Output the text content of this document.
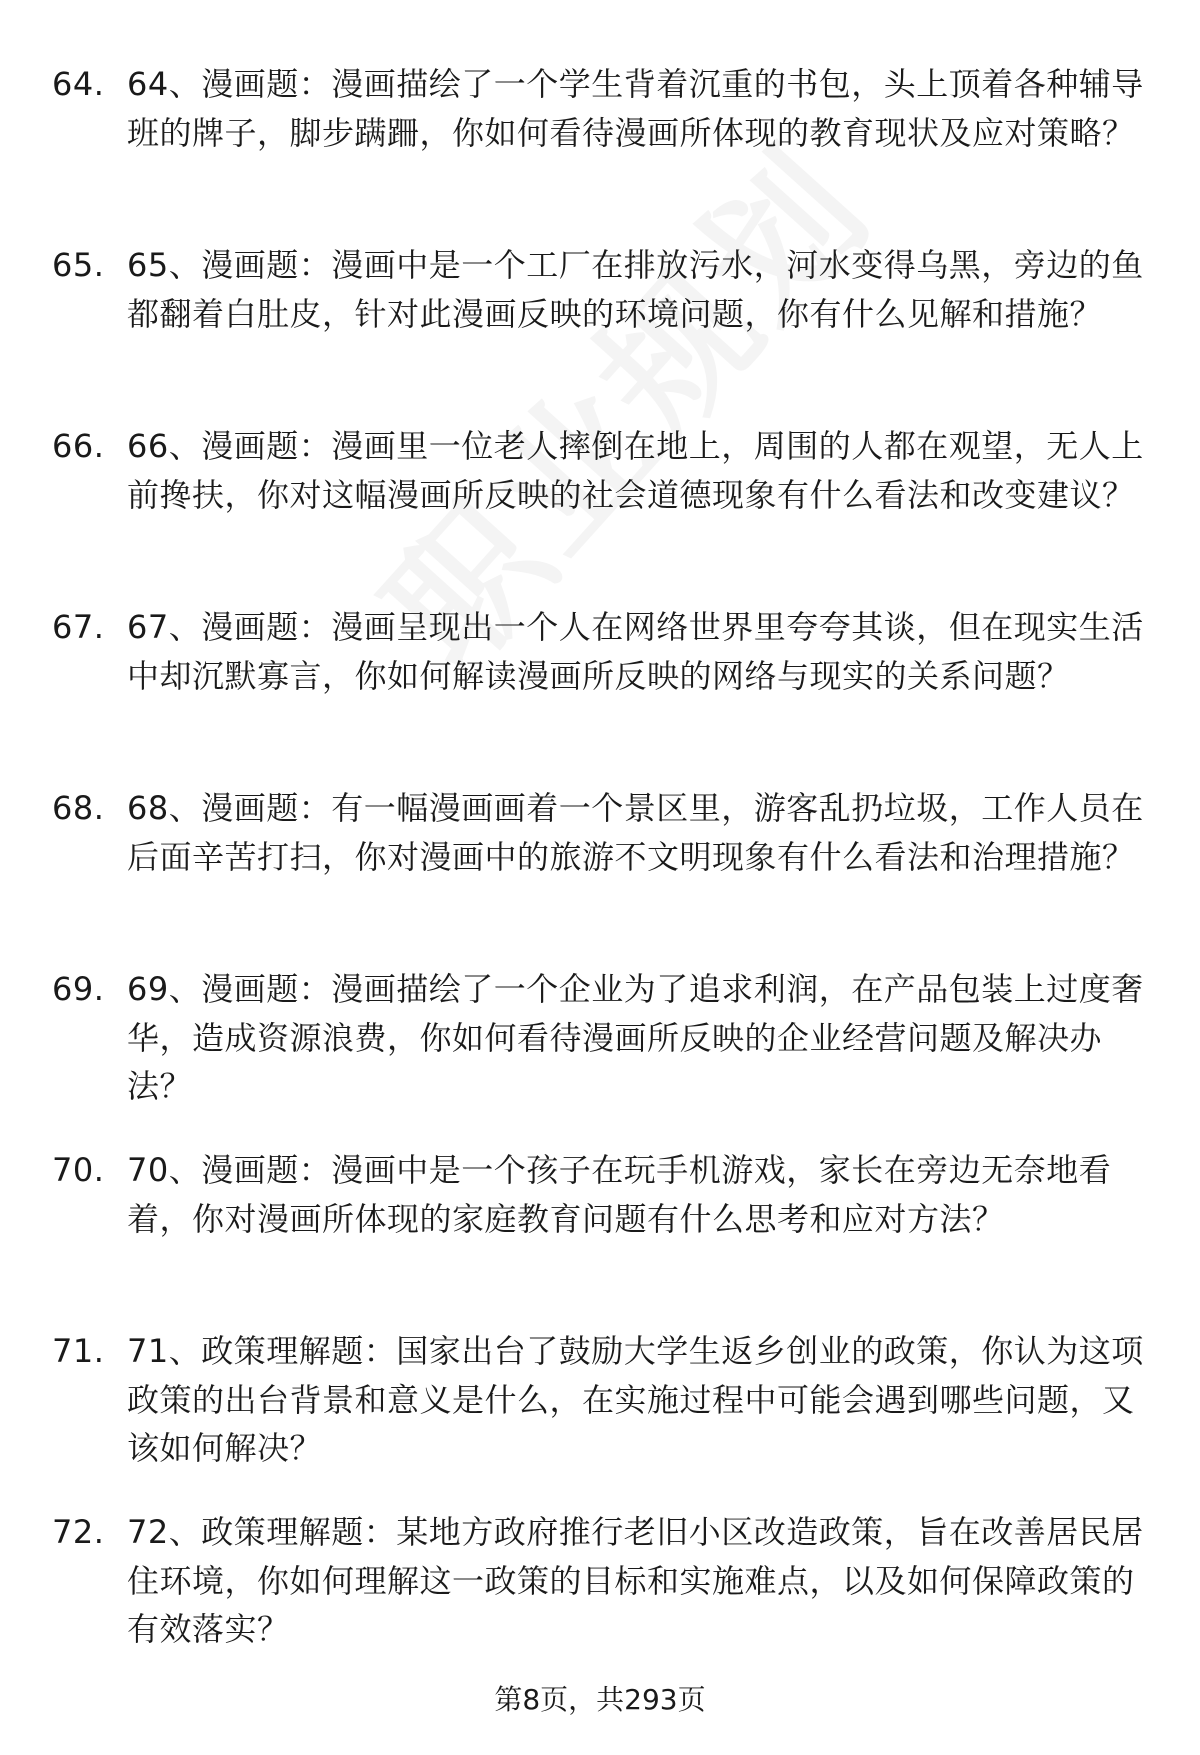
64. 64、漫画题：漫画描绘了一个学生背着沉重的书包，头上顶着各种辅导班的牌子，脚步蹒跚，你如何看待漫画所体现的教育现状及应对策略？
65. 65、漫画题：漫画中是一个工厂在排放污水，河水变得乌黑，旁边的鱼都翻着白肚皮，针对此漫画反映的环境问题，你有什么见解和措施？
66. 66、漫画题：漫画里一位老人摔倒在地上，周围的人都在观望，无人上前搀扶，你对这幅漫画所反映的社会道德现象有什么看法和改变建议？
67. 67、漫画题：漫画呈现出一个人在网络世界里夸夸其谈，但在现实生活中却沉默寡言，你如何解读漫画所反映的网络与现实的关系问题？
68. 68、漫画题：有一幅漫画画着一个景区里，游客乱扔垃圾，工作人员在后面辛苦打扫，你对漫画中的旅游不文明现象有什么看法和治理措施？
69. 69、漫画题：漫画描绘了一个企业为了追求利润，在产品包装上过度奢华，造成资源浪费，你如何看待漫画所反映的企业经营问题及解决办法？
70. 70、漫画题：漫画中是一个孩子在玩手机游戏，家长在旁边无奈地看着，你对漫画所体现的家庭教育问题有什么思考和应对方法？
71. 71、政策理解题：国家出台了鼓励大学生返乡创业的政策，你认为这项政策的出台背景和意义是什么，在实施过程中可能会遇到哪些问题，又该如何解决？
72. 72、政策理解题：某地方政府推行老旧小区改造政策，旨在改善居民居住环境，你如何理解这一政策的目标和实施难点，以及如何保障政策的有效落实？
第8页，共293页
